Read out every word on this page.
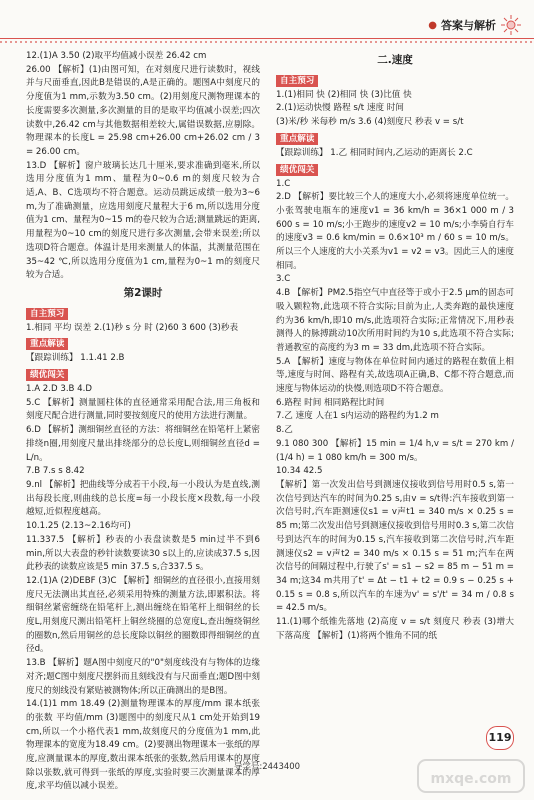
● 答案与解析

12.(1)A 3.50 (2)取平均值减小误差 26.42 cm

26.00 【解析】(1)由图可知，在对刻度尺进行读数时，视线并与尺面垂直,因此B是错误的,A是正确的。题图A中刻度尺的分度值为1 mm,示数为3.50 cm。(2)用刻度尺测物理课本的长度需要多次测量,多次测量的目的是取平均值减小误差;四次读数中,26.42 cm与其他数据相差较大,属错误数据,应剔除。物理课本的长度L = 25.98 cm+26.00 cm+26.02 cm / 3 = 26.00 cm。

13.D 【解析】窗户玻璃长达几十厘米,要求准确到毫米,所以选用分度值为1 mm、量程为0~0.6 m的刻度尺较为合适,A、B、C选项均不符合题意。运动员跳远成绩一般为3~6 m,为了准确测量，应选用刻度尺量程大于6 m,所以选用分度值为1 cm、量程为0~15 m的卷尺较为合适;测量跳远的距离,用量程为0~10 cm的刻度尺进行多次测量,会带来误差;所以选项D符合题意。体温计是用来测量人的体温，其测量范围在35~42 ℃,所以选用分度值为1 cm,量程为0~1 m的刻度尺较为合适。

第2课时
自主预习

1.相同 平均 误差 2.(1)秒 s 分 时 (2)60 3 600 (3)秒表

重点解读

【跟踪训练】 1.1.41 2.B

绩优闯关

1.A 2.D 3.B 4.D

5.C 【解析】测量圆柱体的直径通常采用配合法,用三角板和刻度尺配合进行测量,同时要按刻度尺的使用方法进行测量。

6.D 【解析】测细铜丝直径的方法：将细铜丝在铅笔杆上紧密排绕n圈,用刻度尺量出排绕部分的总长度L,则细铜丝直径d = L/n。

7.B 7.s s 8.42

9.nl 【解析】把曲线等分成若干小段,每一小段认为是直线,测出每段长度,则曲线的总长度=每一小段长度×段数,每一小段越短,近似程度越高。

10.1.25 (2.13~2.16均可)

11.337.5 【解析】秒表的小表盘读数是5 min过半不到6 min,所以大表盘的秒针读数要读30 s以上的,应读成37.5 s,因此秒表的读数应该是5 min 37.5 s,合337.5 s。

12.(1)A (2)DEBF (3)C 【解析】细铜丝的直径很小,直接用刻度尺无法测出其直径,必须采用特殊的测量方法,即累积法。将细铜丝紧密缠绕在铅笔杆上,测出缠绕在铅笔杆上细铜丝的长度L,用刻度尺测出铅笔杆上铜丝绕圈的总宽度L,查出缠绕铜丝的圈数n,然后用铜丝的总长度除以铜丝的圈数即得细铜丝的直径d。

13.B 【解析】题A图中刻度尺的"0"刻度线没有与物体的边缘对齐;题C图中刻度尺摆斜而且刻线没有与尺面垂直;题D图中刻度尺的刻线没有紧贴被测物体;所以正确测出的是B图。

14.(1)1 mm 18.49 (2)测量物理课本的厚度/mm 课本纸张的张数 平均值/mm (3)题图中的刻度尺从1 cm处开始到19 cm,所以一个小格代表1 mm,故刻度尺的分度值为1 mm,此物理课本的宽度为18.49 cm。(2)要测出物理课本一张纸的厚度,应测量课本的厚度,数出课本纸张的张数,然后用课本的厚度除以张数,就可得到一张纸的厚度,实验时要三次测量课本的厚度,求平均值以减小误差。

二.速度
自主预习

1.(1)相同 快 (2)相同 快 (3)比值 快

2.(1)运动快慢 路程 s/t 速度 时间

(3)米/秒 米每秒 m/s 3.6 (4)刻度尺 秒表 v = s/t

重点解读

【跟踪训练】 1.乙 相同时间内,乙运动的距离长 2.C

绩优闯关

1.C

2.D 【解析】要比较三个人的速度大小,必须将速度单位统一。小张驾驶电瓶车的速度v1 = 36 km/h = 36×1 000 m / 3 600 s = 10 m/s;小王跑步的速度v2 = 10 m/s;小李骑自行车的速度v3 = 0.6 km/min = 0.6×10³ m / 60 s = 10 m/s。所以三个人速度的大小关系为v1 = v2 = v3。因此三人的速度相同。

3.C

4.B 【解析】PM2.5指空气中直径等于或小于2.5 μm的固态可吸入颗粒物,此选项不符合实际;目前为止,人类奔跑的最快速度约为36 km/h,即10 m/s,此选项符合实际;正常情况下,用秒表测得人的脉搏跳动10次所用时间约为10 s,此选项不符合实际;普通教室的高度约为3 m = 33 dm,此选项不符合实际。

5.A 【解析】速度与物体在单位时间内通过的路程在数值上相等,速度与时间、路程有关,故选项A正确,B、C都不符合题意,而速度与物体运动的快慢,则选项D不符合题意。

6.路程 时间 相同路程比时间

7.乙 速度 人在1 s内运动的路程约为1.2 m

8.乙

9.1 080 300 【解析】15 min = 1/4 h,v = s/t = 270 km / (1/4 h) = 1 080 km/h = 300 m/s。

10.34 42.5

【解析】第一次发出信号到测速仪接收到信号用时0.5 s,第一次信号到达汽车的时间为0.25 s,由v = s/t得:汽车接收到第一次信号时,汽车距测速仪s1 = v声t1 = 340 m/s × 0.25 s = 85 m;第二次发出信号到测速仪接收到信号用时0.3 s,第二次信号到达汽车的时间为0.15 s,汽车接收到第二次信号时,汽车距测速仪s2 = v声t2 = 340 m/s × 0.15 s = 51 m;汽车在两次信号的间隔过程中,行驶了s' = s1 − s2 = 85 m − 51 m = 34 m;这34 m共用了t' = Δt − t1 + t2 = 0.9 s − 0.25 s + 0.15 s = 0.8 s,所以汽车的车速为v' = s'/t' = 34 m / 0.8 s = 42.5 m/s。

11.(1)哪个纸锥先落地 (2)高度 v = s/t 刻度尺 秒表 (3)增大下落高度 【解析】(1)将两个锥角不同的纸

119
导学号:2443400
mxqe.com
